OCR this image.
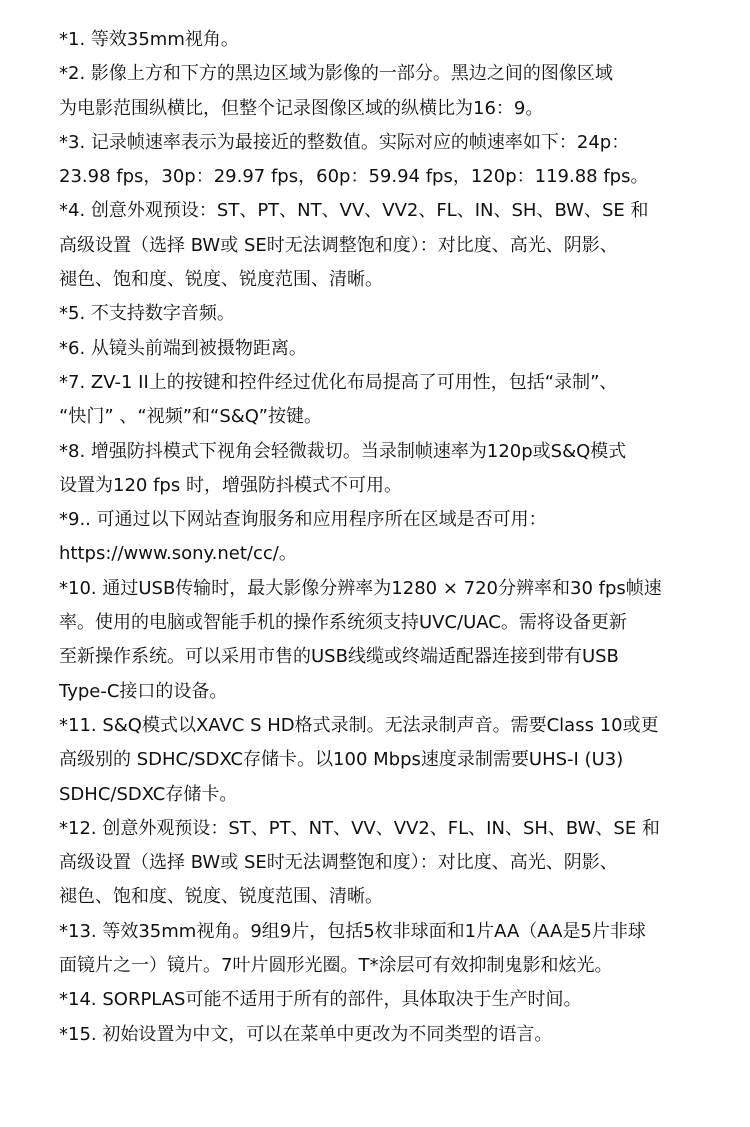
*1. 等效35mm视角。
*2. 影像上方和下方的黑边区域为影像的一部分。黑边之间的图像区域
为电影范围纵横比，但整个记录图像区域的纵横比为16：9。
*3. 记录帧速率表示为最接近的整数值。实际对应的帧速率如下：24p：
23.98 fps，30p：29.97 fps，60p：59.94 fps，120p：119.88 fps。
*4. 创意外观预设：ST、PT、NT、VV、VV2、FL、IN、SH、BW、SE 和
高级设置（选择 BW或 SE时无法调整饱和度）：对比度、高光、阴影、
褪色、饱和度、锐度、锐度范围、清晰。
*5. 不支持数字音频。
*6. 从镜头前端到被摄物距离。
*7. ZV-1 II上的按键和控件经过优化布局提高了可用性，包括“录制”、
“快门” 、“视频”和“S&Q”按键。
*8. 增强防抖模式下视角会轻微裁切。当录制帧速率为120p或S&Q模式
设置为120 fps 时，增强防抖模式不可用。
*9.. 可通过以下网站查询服务和应用程序所在区域是否可用：
https://www.sony.net/cc/。
*10. 通过USB传输时，最大影像分辨率为1280 × 720分辨率和30 fps帧速
率。使用的电脑或智能手机的操作系统须支持UVC/UAC。需将设备更新
至新操作系统。可以采用市售的USB线缆或终端适配器连接到带有USB
Type-C接口的设备。
*11. S&Q模式以XAVC S HD格式录制。无法录制声音。需要Class 10或更
高级别的 SDHC/SDXC存储卡。以100 Mbps速度录制需要UHS-I (U3)
SDHC/SDXC存储卡。
*12. 创意外观预设：ST、PT、NT、VV、VV2、FL、IN、SH、BW、SE 和
高级设置（选择 BW或 SE时无法调整饱和度）：对比度、高光、阴影、
褪色、饱和度、锐度、锐度范围、清晰。
*13. 等效35mm视角。9组9片，包括5枚非球面和1片AA（AA是5片非球
面镜片之一）镜片。7叶片圆形光圈。T*涂层可有效抑制鬼影和炫光。
*14. SORPLAS可能不适用于所有的部件，具体取决于生产时间。
*15. 初始设置为中文，可以在菜单中更改为不同类型的语言。
